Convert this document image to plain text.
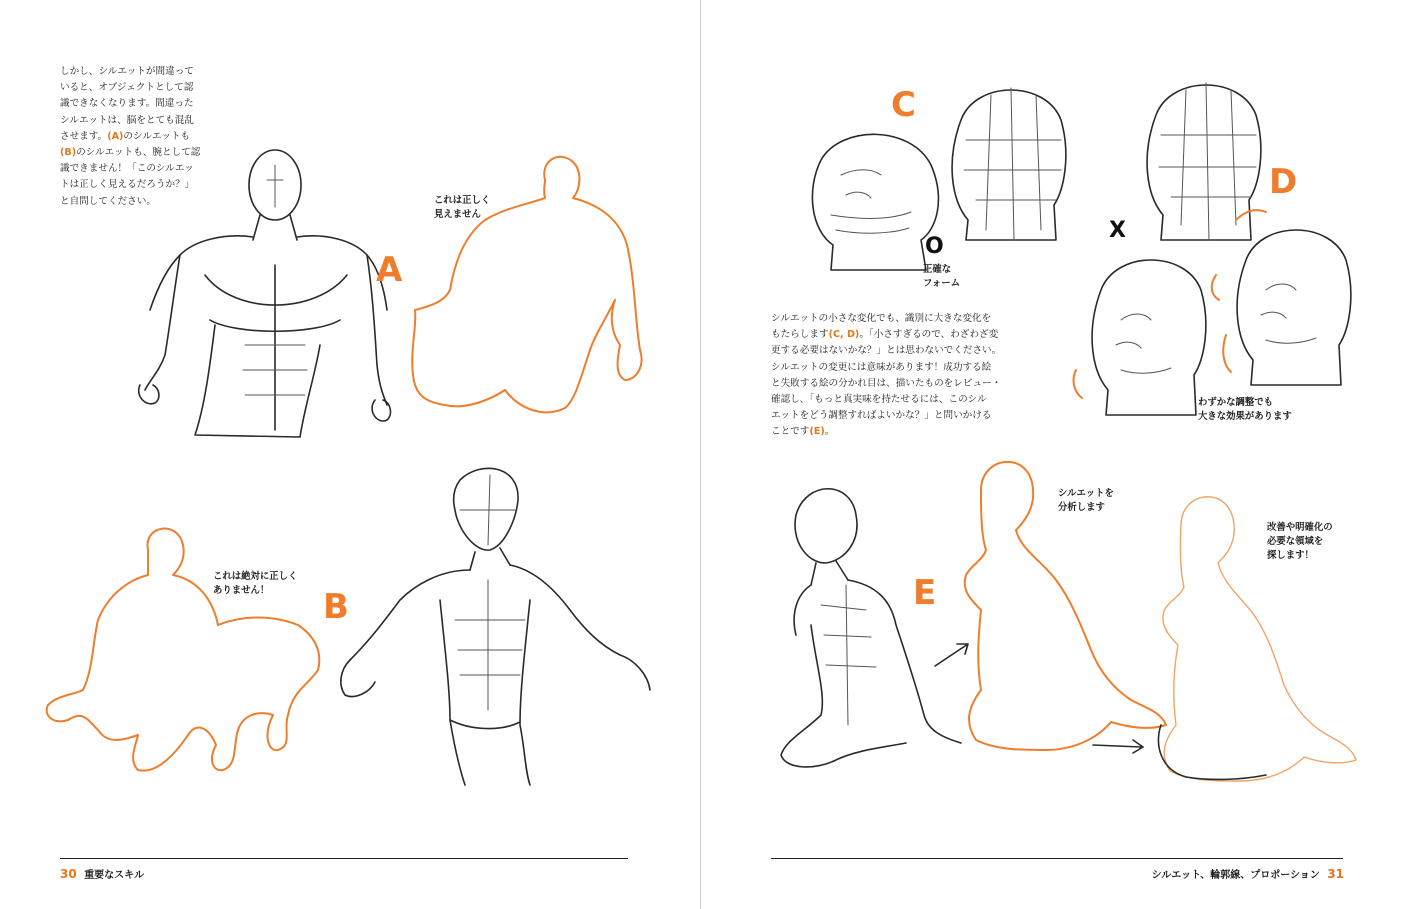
しかし、シルエットが間違って
いると、オブジェクトとして認
識できなくなります。間違った
シルエットは、脳をとても混乱
させます。(A)のシルエットも
(B)のシルエットも、腕として認
識できません！「このシルエッ
トは正しく見えるだろうか？」
と自問してください。
A
これは正しく
見えません
これは絶対に正しく
ありません！	B
30 重要なスキル
C
O
正確な
フォーム
D
X
わずかな調整でも
大きな効果があります
シルエットの小さな変化でも、識別に大きな変化を
もたらします(C, D)。「小さすぎるので、わざわざ変
更する必要はないかな？」とは思わないでください。
シルエットの変更には意味があります！成功する絵
と失敗する絵の分かれ目は、描いたものをレビュー・
確認し、「もっと真実味を持たせるには、このシル
エットをどう調整すればよいかな？」と問いかける
ことです(E)。
E
シルエットを
分析します
改善や明確化の
必要な領域を
探します！
シルエット、輪郭線、プロポーション 31
